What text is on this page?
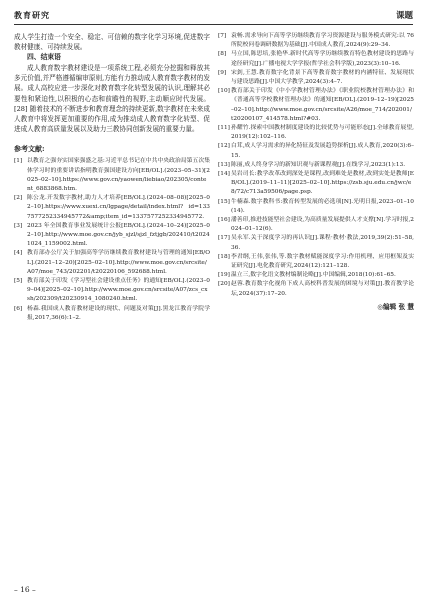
教育研究	课题

成人学生打造一个安全、稳定、可信赖的数字化学习环境,促进数字教材健康、可持续发展。

四、结束语

成人教育数字教材建设是一项系统工程,必须充分挖掘和释放其多元价值,并严格遵循编审原则,方能有力推动成人教育数字教材的发展。成人高校应进一步深化对教育数字化转型发展的认识,理解其必要性和紧迫性,以积极的心态和前瞻性的视野,主动顺应时代发展。[28] 随着技术的不断进步和教育理念的持续更新,数字教材在未来成人教育中将发挥更加重要的作用,成为推动成人教育数字化转型、促进成人教育高质量发展以及助力三教协同创新发展的重要力量。

参考文献:
[1] 以教育之强夯实国家强盛之基:习近平总书记在中共中央政治局第五次集体学习时的重要讲话指明教育强国建设方向[EB/OL].(2023–05–31)[2025–02–10].https://www.gov.cn/yaowen/liebiao/202305/content_6883868.htm.
[2] 陈公龙.开发数字教材,助力人才培养[EB/OL].(2024–08–08)[2025–02–10].https://www.xuexi.cn/lgpage/detail/index.html? id=1337577252334945772&amp;item_id=1337577252334945772.
[3] 2023 年全国教育事业发展统计公报[EB/OL].(2024–10–24)[2025–02–10].http://www.moe.gov.cn/jyb_sjzl/sjzl_fztjgb/202410/t20241024_1159002.html.
[4] 教育部办公厅关于加强高等学历继续教育教材建设与管理的通知[EB/OL].(2021–12–20)[2025–02–10].http://www.moe.gov.cn/srcsite/A07/moe_743/202201/t20220106_592688.html.
[5] 教育部关于印发《学习型社会建设重点任务》的通知[EB/OL].(2023–09–04)[2025–02–10].http://www.moe.gov.cn/srcsite/A07/zcs_cxsh/202309/t20230914_1080240.html.
[6] 杨森.我国成人教育教材建设的现状、问题及对策[J].黑龙江教育学院学报,2017,36(6):1–2.
[7] 袁畅.需求导向下高等学历继续教育学习资源建设与服务模式研究:以 76 所院校问卷调研数据为基础[J].中国成人教育,2024(9):29–34.
[8] 马立国,陈思培,张艳华.新时代高等学历继续教育特色教材建设的思路与途径研究[J].广播电视大学学报(哲学社会科学版),2023(3):10–16.
[9] 宋釗,王慧.教育数字化背景下高等教育数字教材的内涵特征、发展现状与建设思路[J].中国大学教学,2024(3):4–7.
[10] 教育部关于印发《中小学教材管理办法》《职业院校教材管理办法》和《普通高等学校教材管理办法》的通知[EB/OL].(2019–12–19)[2025–02–10].http://www.moe.gov.cn/srcsite/A26/moe_714/202001/t20200107_414578.html?#03.
[11] 孙耀竹.探索中国教材制度建设的比较优势与可能形态[J].全球教育展望,2019(12):102–116.
[12] 白茸,成人学习需求的异化特征及发展趋势探析[J].成人教育,2020(3):6–15.
[13] 陈丽,成人终身学习的新知识观与新课程观[J].在线学习,2023(1):13.
[14] 吴岩司长:教学改革改到深处是课程,改到难处是教材,改到实处是教师[EB/OL].(2019–11–11)[2025–02–10].https://zsb.sju.edu.cn/jwc/e8/72/c713a59506/page.psp.
[15] 牛楠森.数字教科书:教育转型发展的必选项[N].光明日报,2023–01–10(14).
[16] 潘善印,推进技能型社会建设,为高质量发展提供人才支撑[N].学习时报,2024–01–12(6).
[17] 吴永军.关于深度学习的再认识[J].课程·教材·教法,2019,39(2):51–58,36.
[18] 李君纲,王伟,张伟,等.数字教材赋能深度学习:作用机理、应用框架及实证研究[J].电化教育研究,2024(12):121–128.
[19] 温立三,数字化语文教材编制论略[J].中国编辑,2018(10):61–65.
[20] 赵蓉.教育数字化视角下成人高校科普发展的困境与对策[J].教育教学论坛,2024(37):17–20.
◎编辑 张 慧
– 16 –
